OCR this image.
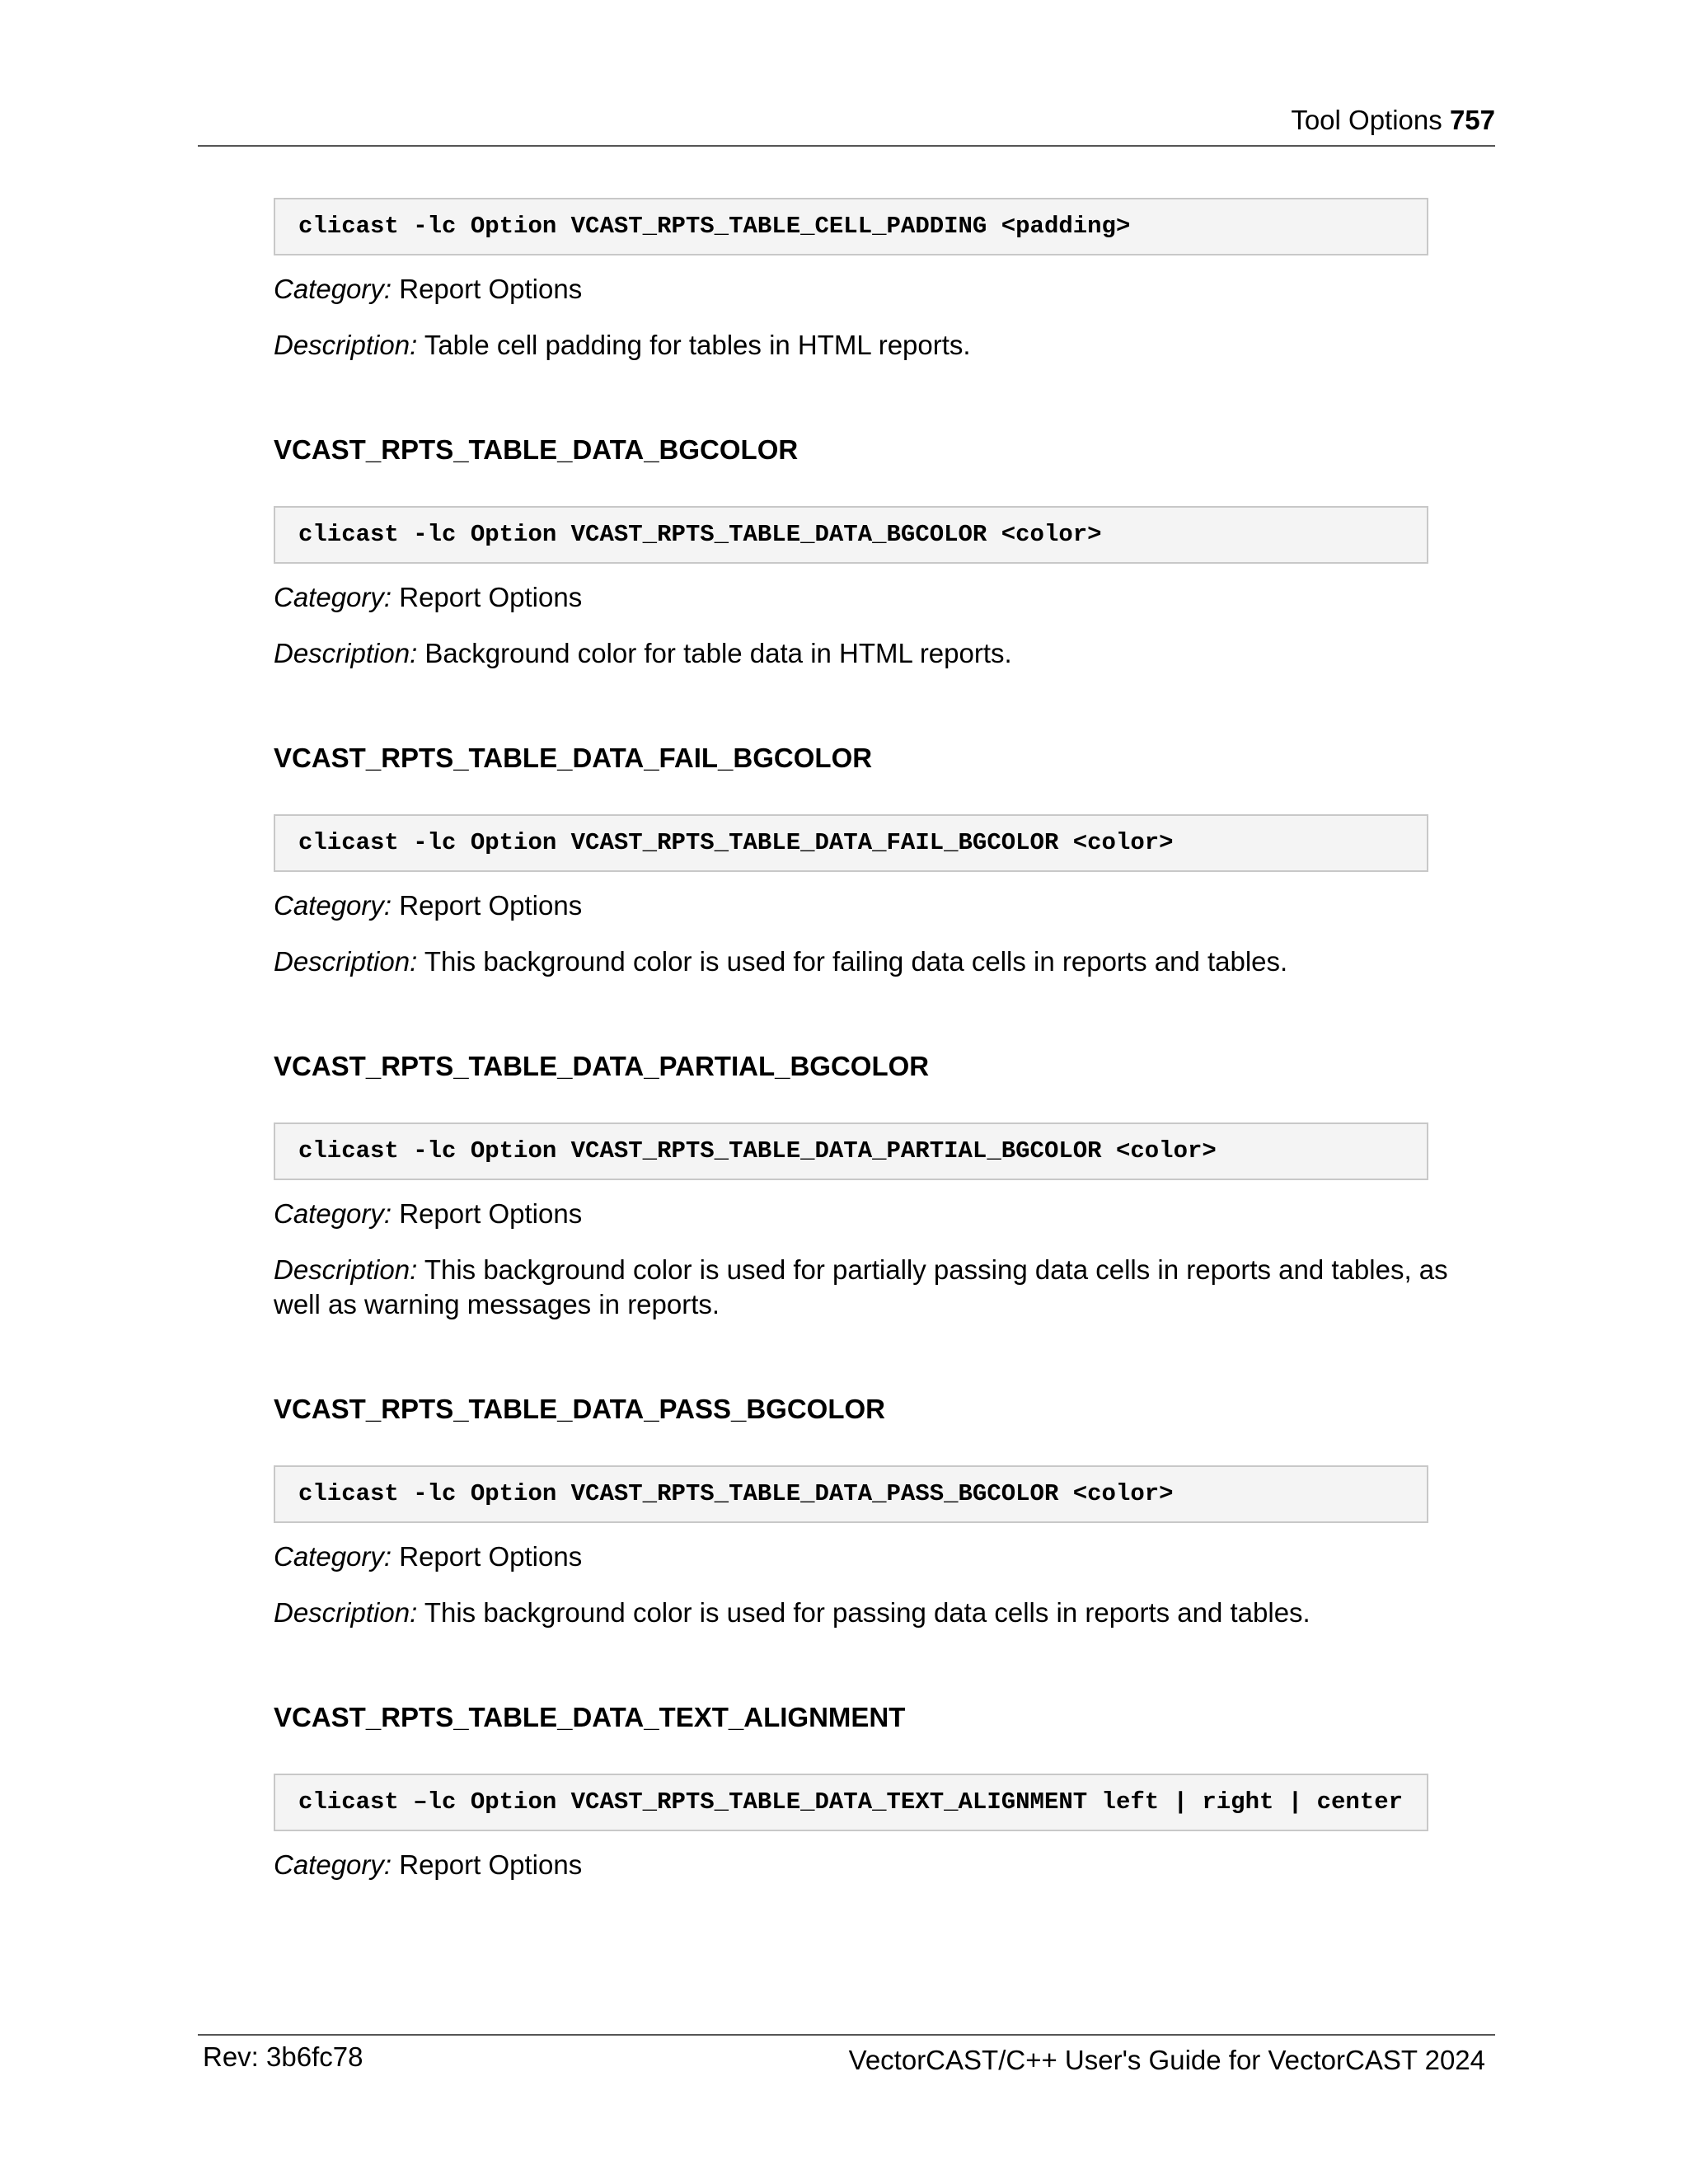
Tool Options 757
clicast -lc Option VCAST_RPTS_TABLE_CELL_PADDING <padding>

Category: Report Options

Description: Table cell padding for tables in HTML reports.

VCAST_RPTS_TABLE_DATA_BGCOLOR
clicast -lc Option VCAST_RPTS_TABLE_DATA_BGCOLOR <color>

Category: Report Options

Description: Background color for table data in HTML reports.

VCAST_RPTS_TABLE_DATA_FAIL_BGCOLOR
clicast -lc Option VCAST_RPTS_TABLE_DATA_FAIL_BGCOLOR <color>

Category: Report Options

Description: This background color is used for failing data cells in reports and tables.

VCAST_RPTS_TABLE_DATA_PARTIAL_BGCOLOR
clicast -lc Option VCAST_RPTS_TABLE_DATA_PARTIAL_BGCOLOR <color>

Category: Report Options

Description: This background color is used for partially passing data cells in reports and tables, as well as warning messages in reports.

VCAST_RPTS_TABLE_DATA_PASS_BGCOLOR
clicast -lc Option VCAST_RPTS_TABLE_DATA_PASS_BGCOLOR <color>

Category: Report Options

Description: This background color is used for passing data cells in reports and tables.

VCAST_RPTS_TABLE_DATA_TEXT_ALIGNMENT
clicast –lc Option VCAST_RPTS_TABLE_DATA_TEXT_ALIGNMENT left | right | center

Category: Report Options

Rev: 3b6fc78	VectorCAST/C++ User's Guide for VectorCAST 2024
